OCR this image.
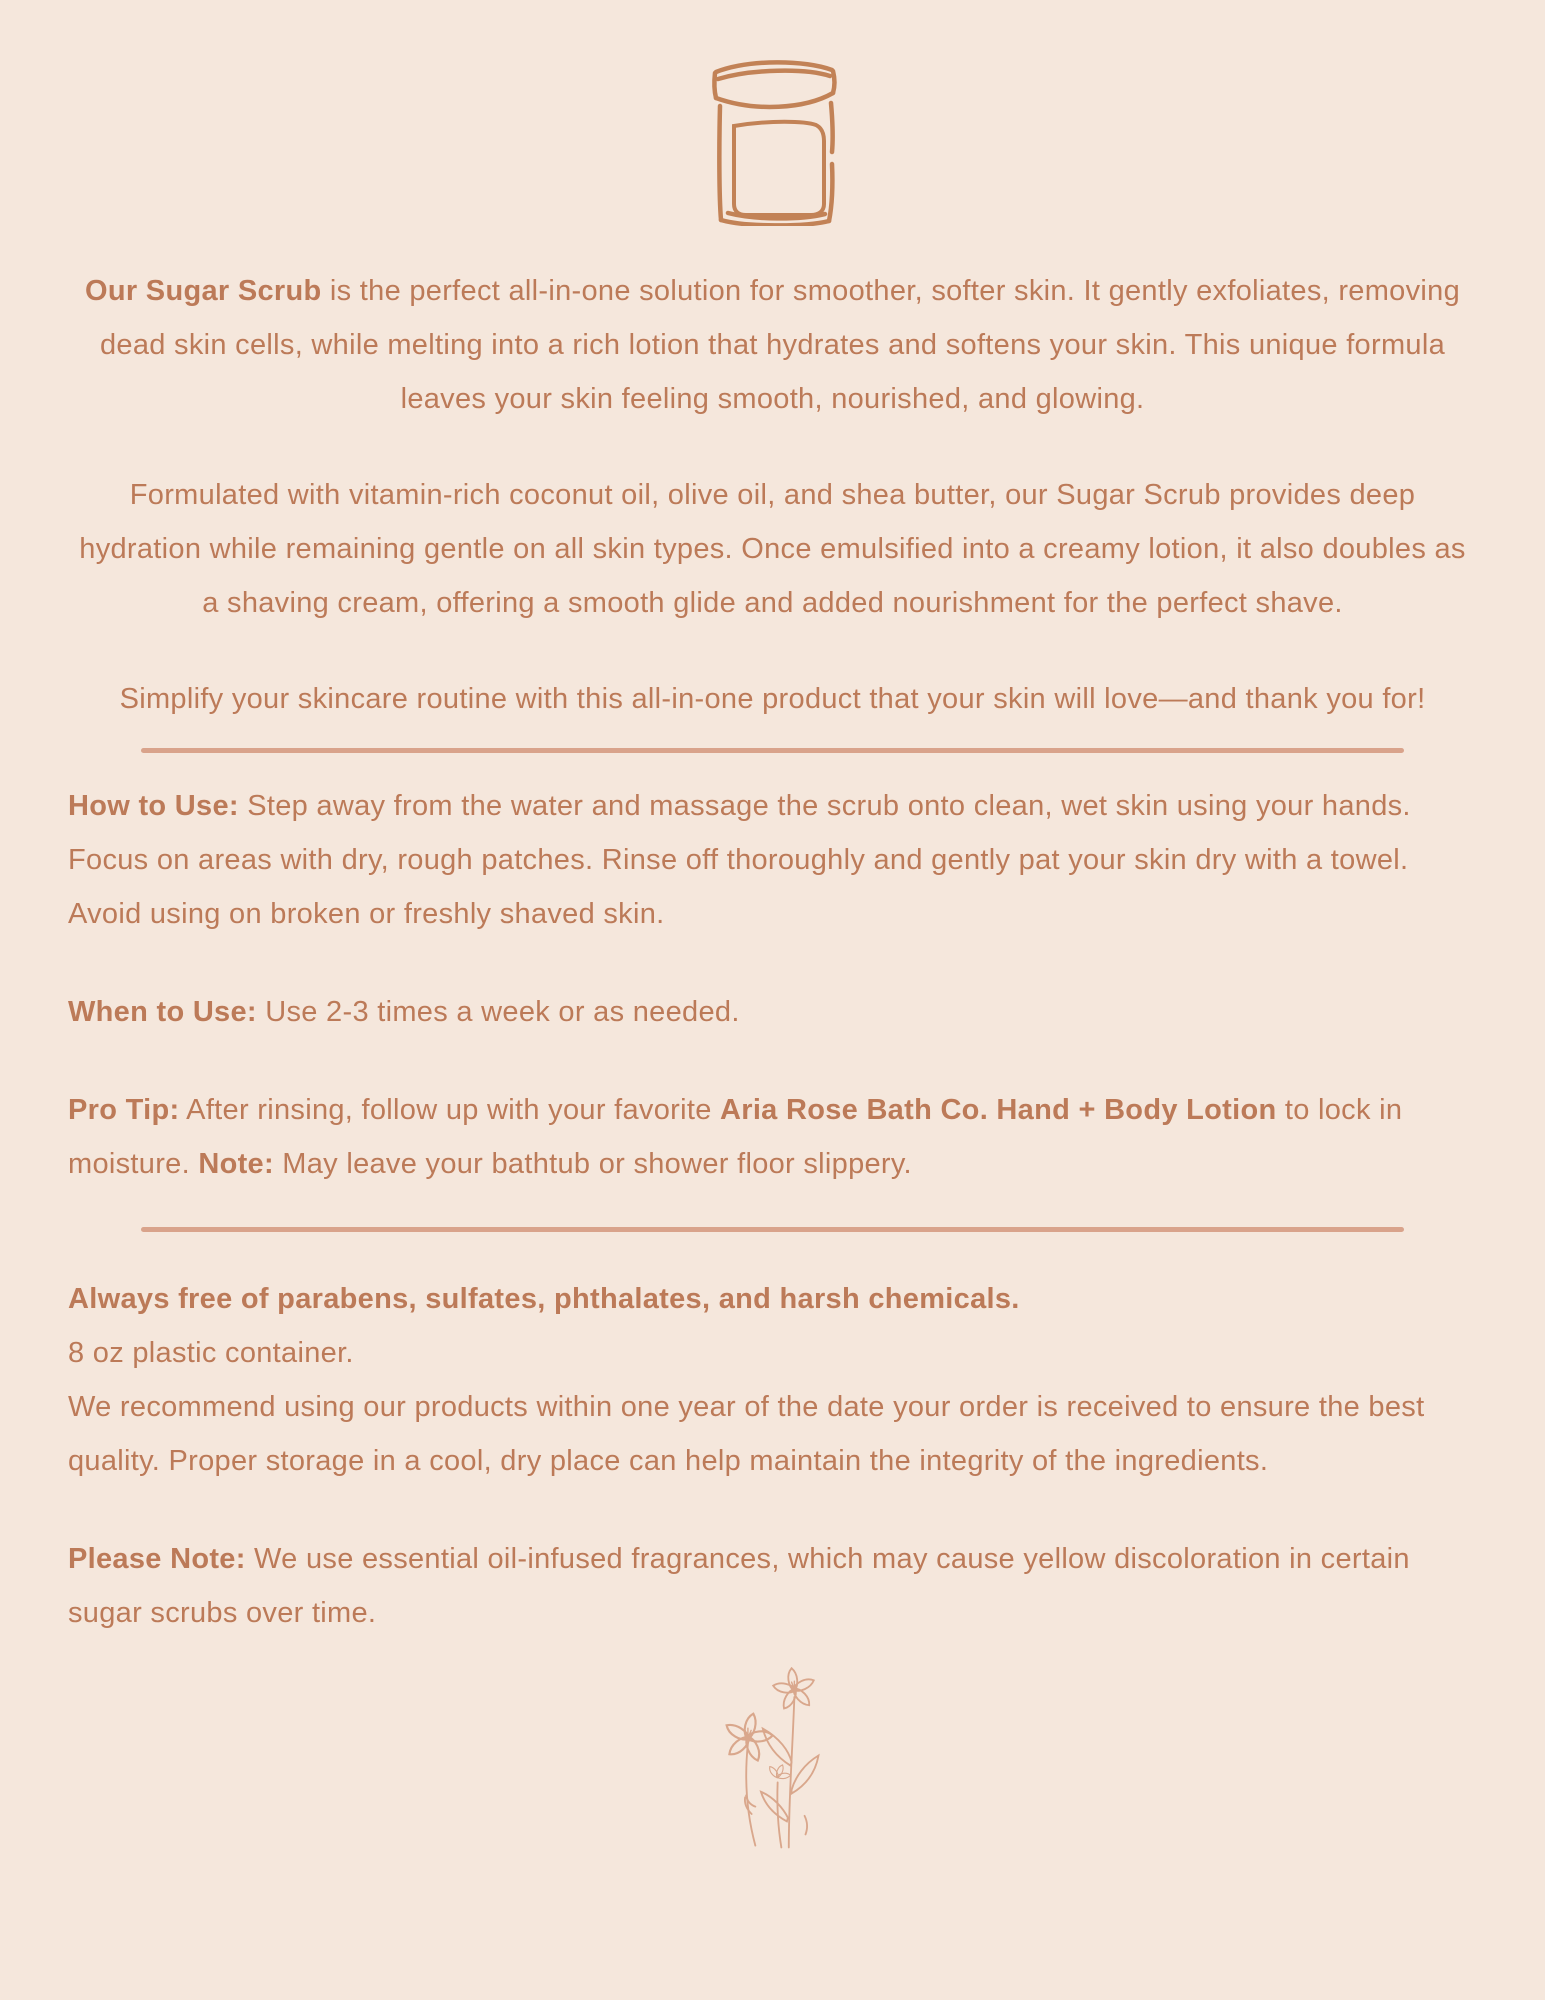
Our Sugar Scrub is the perfect all-in-one solution for smoother, softer skin. It gently exfoliates, removing dead skin cells, while melting into a rich lotion that hydrates and softens your skin. This unique formula leaves your skin feeling smooth, nourished, and glowing.

Formulated with vitamin-rich coconut oil, olive oil, and shea butter, our Sugar Scrub provides deep hydration while remaining gentle on all skin types. Once emulsified into a creamy lotion, it also doubles as a shaving cream, offering a smooth glide and added nourishment for the perfect shave.

Simplify your skincare routine with this all-in-one product that your skin will love—and thank you for!

How to Use: Step away from the water and massage the scrub onto clean, wet skin using your hands. Focus on areas with dry, rough patches. Rinse off thoroughly and gently pat your skin dry with a towel. Avoid using on broken or freshly shaved skin.

When to Use: Use 2-3 times a week or as needed.

Pro Tip: After rinsing, follow up with your favorite Aria Rose Bath Co. Hand + Body Lotion to lock in moisture. Note: May leave your bathtub or shower floor slippery.

Always free of parabens, sulfates, phthalates, and harsh chemicals.
8 oz plastic container.
We recommend using our products within one year of the date your order is received to ensure the best quality. Proper storage in a cool, dry place can help maintain the integrity of the ingredients.

Please Note: We use essential oil-infused fragrances, which may cause yellow discoloration in certain sugar scrubs over time.
